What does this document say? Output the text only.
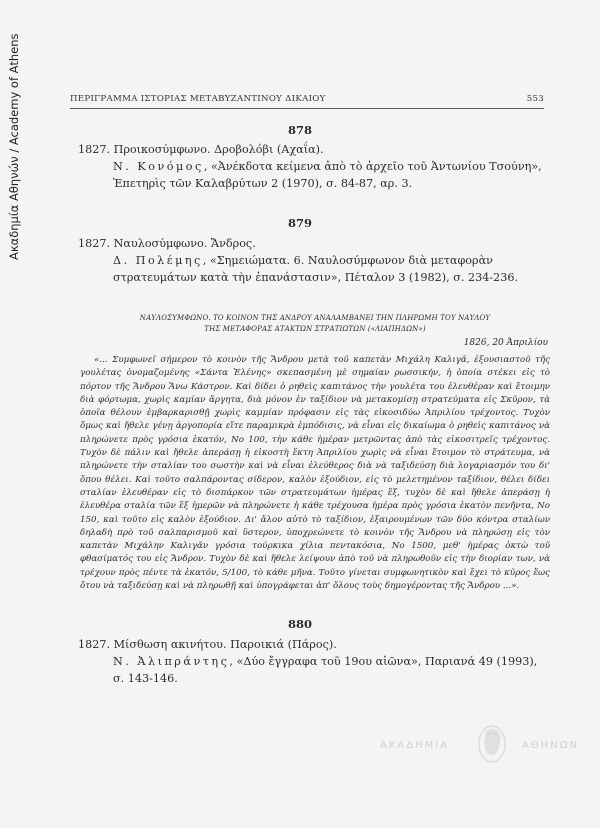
Ακαδημία Αθηνών / Academy of Athens	ΠΕΡΙΓΡΑΜΜΑ ΙΣΤΟΡΙΑΣ ΜΕΤΑΒΥΖΑΝΤΙΝΟΥ ΔΙΚΑΙΟΥ	553
878
1827. Προικοσύμφωνο. Δροβολόβι (Αχαΐα).
Ν. Κονόμος, «Ἀνέκδοτα κείμενα ἀπὸ τὸ ἀρχεῖο τοῦ Ἀντωνίου Τσούνη», Ἐπετηρὶς τῶν Καλαβρύτων 2 (1970), σ. 84-87, αρ. 3.
879
1827. Ναυλοσύμφωνο. Ἄνδρος.
Δ. Πολέμης, «Σημειώματα. 6. Ναυλοσύμφωνον διὰ μεταφορὰν στρατευμάτων κατὰ τὴν ἐπανάστασιν», Πέταλον 3 (1982), σ. 234-236.
ΝΑΥΛΟΣΥΜΦΩΝΟ. ΤΟ ΚΟΙΝΟΝ ΤΗΣ ΑΝΔΡΟΥ ΑΝΑΛΑΜΒΑΝΕΙ ΤΗΝ ΠΛΗΡΩΜΗ ΤΟΥ ΝΑΥΛΟΥ
ΤΗΣ ΜΕΤΑΦΟΡΑΣ ΑΤΑΚΤΩΝ ΣΤΡΑΤΙΩΤΩΝ («ΛΙΑΠΗΔΩΝ»)
1826, 20 Ἀπριλίου

«... Συμφωνεῖ σήμερον τὸ κοινὸν τῆς Ἄνδρου μετὰ τοῦ καπετὰν Μιχάλη Καλιγᾶ, ἐξουσιαστοῦ τῆς γουλέτας ὀνομαζομένης «Σάντα Ἑλένης» σκεπασμένη μὲ σημαίαν ρωσσικήν, ἡ ὁποία στέκει εἰς τὸ πόρτον τῆς Ἄνδρου Ἄνω Κάστρον. Καὶ δίδει ὁ ρηθεὶς καπιτάνος τὴν γουλέτα του ἐλευθέραν καὶ ἕτοιμην διὰ φόρτωμα, χωρὶς καμίαν ἄργητα, διὰ μόνον ἐν ταξίδιον νὰ μετακομίσῃ στρατεύματα εἰς Σκῦρον, τὰ ὁποῖα θέλουν ἐμβαρκαρισθῇ χωρὶς καμμίαν πρόφασιν εἰς τὰς εἰκοσιδύω Ἀπριλίου τρέχοντος. Τυχὸν ὅμως καὶ ἤθελε γένῃ ἀργοπορία εἴτε παραμικρὰ ἐμπόδισις, νὰ εἶναι εἰς δικαίωμα ὁ ρηθεὶς καπιτάνος νὰ πληρώνετε πρὸς γρόσια ἑκατόν, Νο 100, τὴν κάθε ἡμέραν μετρῶντας ἀπὸ τὰς εἰκοσιτρεῖς τρέχοντος. Τυχὸν δὲ πάλιν καὶ ἤθελε ἀπεράσῃ ἡ εἰκοστὴ ἕκτη Ἀπριλίου χωρὶς νὰ εἶναι ἕτοιμον τὸ στράτευμα, νὰ πληρώνετε τὴν σταλίαν του σωστὴν καὶ νὰ εἶναι ἐλεύθερος διὰ νὰ ταξιδεύσῃ διὰ λογαριασμόν του δι' ὅπου θέλει. Καὶ τοῦτο σαλπάροντας σίδερον, καλὸν ἐξούδιον, εἰς τὸ μελετημένον ταξίδιον, θέλει δίδει σταλίαν ἐλευθέραν εἰς τὸ δισπάρκον τῶν στρατευμάτων ἡμέρας ἕξ, τυχὸν δὲ καὶ ἤθελε ἀπεράσῃ ἡ ἐλευθέρα σταλία τῶν ἓξ ἡμερῶν νὰ πληρώνετε ἡ κάθε τρέχουσα ἡμέρα πρὸς γρόσια ἑκατὸν πενῆντα, Νο 150, καὶ τοῦτο εἰς καλὸν ἐξούδιον. Δι' ἄλον αὐτὸ τὸ ταξίδιον, ἐξαιρουμένων τῶν δύο κόντρα σταλίων δηλαδὴ πρὸ τοῦ σαλπαρισμοῦ καὶ ὕστερον, ὑποχρεώνετε τὸ κοινὸν τῆς Ἄνδρου νὰ πληρώσῃ εἰς τὸν καπετὰν Μιχάλην Καλιγᾶν γρόσια τούρκικα χίλια πεντακόσια, Νο 1500, μεθ' ἡμέρας ὀκτὼ τοῦ φθασίματός του εἰς Ἄνδρον. Τυχὸν δὲ καὶ ἤθελε λείψουν ἀπὸ τοῦ νὰ πληρωθοῦν εἰς τὴν διορίαν των, νὰ τρέχουν πρὸς πέντε τὰ ἑκατόν, 5/100, τὸ κάθε μῆνα. Τοῦτο γίνεται συμφωνητικὸν καὶ ἔχει τὸ κῦρος ἕως ὅτου νὰ ταξιδεύσῃ καὶ νὰ πληρωθῇ καὶ ὑπογράφεται ἀπ' ὅλους τοὺς δημογέροντας τῆς Ἄνδρου ...».

880
1827. Μίσθωση ακινήτου. Παροικιά (Πάρος).
Ν. Ἀλιπράντης, «Δύο ἔγγραφα τοῦ 19ου αἰῶνα», Παριανά 49 (1993), σ. 143-146.
ΑΚΑΔΗΜΙΑ	ΑΘΗΝΩΝ
